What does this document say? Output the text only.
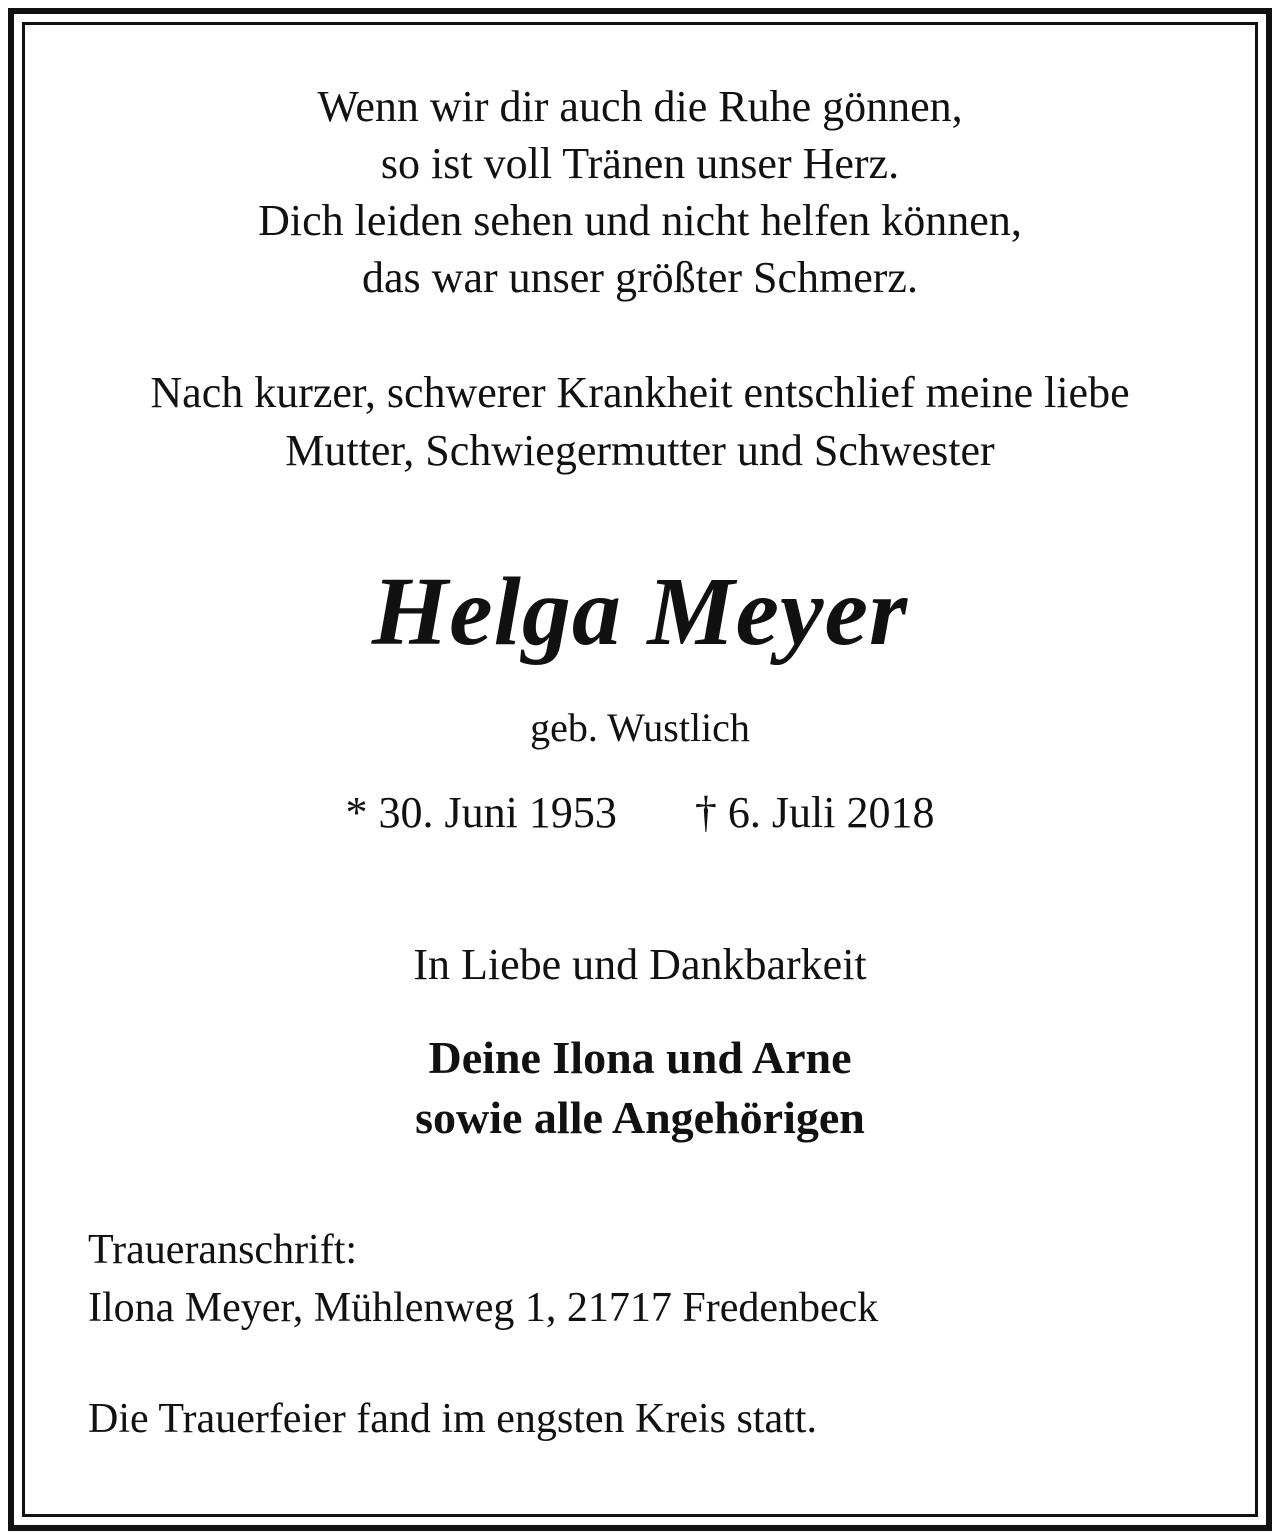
Wenn wir dir auch die Ruhe gönnen,
so ist voll Tränen unser Herz.
Dich leiden sehen und nicht helfen können,
das war unser größter Schmerz.
Nach kurzer, schwerer Krankheit entschlief meine liebe
Mutter, Schwiegermutter und Schwester
Helga Meyer
geb. Wustlich
* 30. Juni 1953 † 6. Juli 2018
In Liebe und Dankbarkeit
Deine Ilona und Arne
sowie alle Angehörigen
Traueranschrift:
Ilona Meyer, Mühlenweg 1, 21717 Fredenbeck
Die Trauerfeier fand im engsten Kreis statt.
